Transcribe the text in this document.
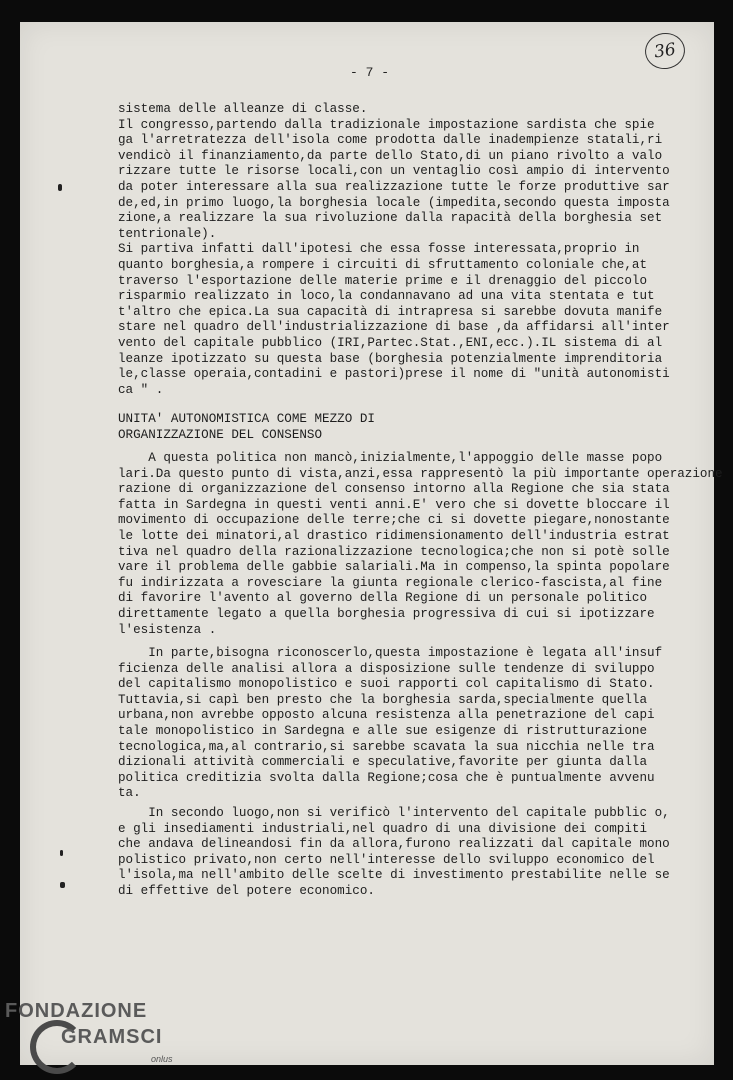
- 7 -
36
sistema delle alleanze di classe.
Il congresso,partendo dalla tradizionale impostazione sardista che spie
ga l'arretratezza dell'isola come prodotta dalle inadempienze statali,ri
vendicò il finanziamento,da parte dello Stato,di un piano rivolto a valo
rizzare tutte le risorse locali,con un ventaglio così ampio di intervento
da poter interessare alla sua realizzazione tutte le forze produttive sar
de,ed,in primo luogo,la borghesia locale (impedita,secondo questa imposta
zione,a realizzare la sua rivoluzione dalla rapacità della borghesia set
tentrionale).
Si partiva infatti dall'ipotesi che essa fosse interessata,proprio in
quanto borghesia,a rompere i circuiti di sfruttamento coloniale che,at
traverso l'esportazione delle materie prime e il drenaggio del piccolo
risparmio realizzato in loco,la condannavano ad una vita stentata e tut
t'altro che epica.La sua capacità di intrapresa si sarebbe dovuta manife
stare nel quadro dell'industrializzazione di base ,da affidarsi all'inter
vento del capitale pubblico (IRI,Partec.Stat.,ENI,ecc.).IL sistema di al
leanze ipotizzato su questa base (borghesia potenzialmente imprenditoria
le,classe operaia,contadini e pastori)prese il nome di "unità autonomisti
ca " .
UNITA' AUTONOMISTICA COME MEZZO DI
ORGANIZZAZIONE DEL CONSENSO
A questa politica non mancò,inizialmente,l'appoggio delle masse popo
lari.Da questo punto di vista,anzi,essa rappresentò la più importante operazione
razione di organizzazione del consenso intorno alla Regione che sia stata
fatta in Sardegna in questi venti anni.E' vero che si dovette bloccare il
movimento di occupazione delle terre;che ci si dovette piegare,nonostante
le lotte dei minatori,al drastico ridimensionamento dell'industria estrat
tiva nel quadro della razionalizzazione tecnologica;che non si potè solle
vare il problema delle gabbie salariali.Ma in compenso,la spinta popolare
fu indirizzata a rovesciare la giunta regionale clerico-fascista,al fine
di favorire l'avento al governo della Regione di un personale politico
direttamente legato a quella borghesia progressiva di cui si ipotizzare
l'esistenza .
In parte,bisogna riconoscerlo,questa impostazione è legata all'insuf
ficienza delle analisi allora a disposizione sulle tendenze di sviluppo
del capitalismo monopolistico e suoi rapporti col capitalismo di Stato.
Tuttavia,si capì ben presto che la borghesia sarda,specialmente quella
urbana,non avrebbe opposto alcuna resistenza alla penetrazione del capi
tale monopolistico in Sardegna e alle sue esigenze di ristrutturazione
tecnologica,ma,al contrario,si sarebbe scavata la sua nicchia nelle tra
dizionali attività commerciali e speculative,favorite per giunta dalla
politica creditizia svolta dalla Regione;cosa che è puntualmente avvenu
ta.
In secondo luogo,non si verificò l'intervento del capitale pubblic o,
e gli insediamenti industriali,nel quadro di una divisione dei compiti
che andava delineandosi fin da allora,furono realizzati dal capitale mono
polistico privato,non certo nell'interesse dello sviluppo economico del
l'isola,ma nell'ambito delle scelte di investimento prestabilite nelle se
di effettive del potere economico.
FONDAZIONE
GRAMSCI
onlus
